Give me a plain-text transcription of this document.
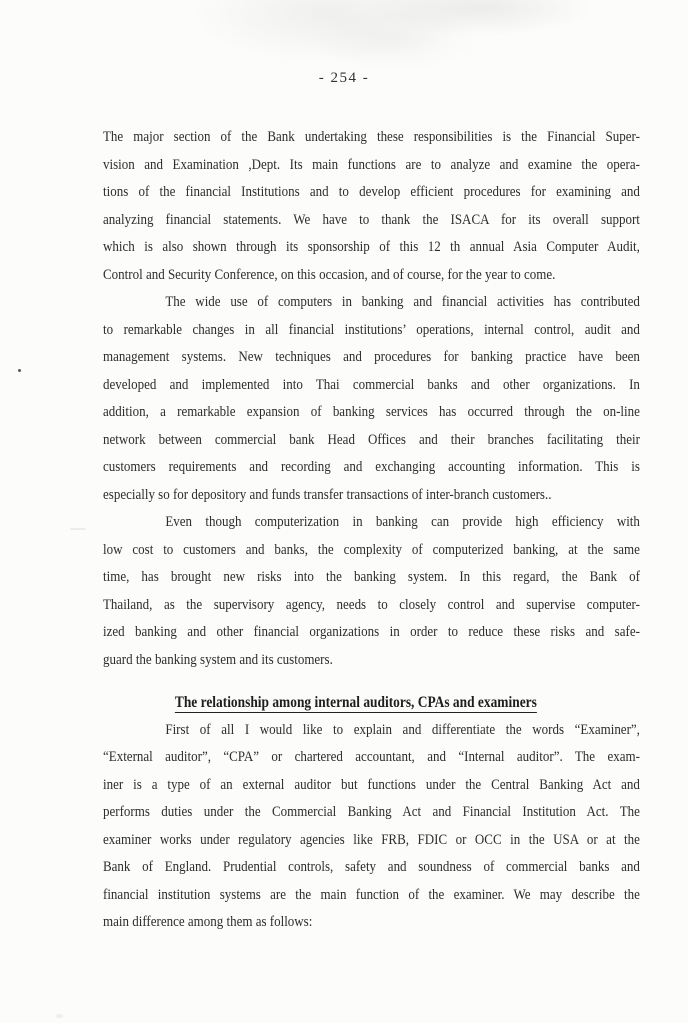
- 254 -
The major section of the Bank undertaking these responsibilities is the Financial Super-
vision and Examination ,Dept. Its main functions are to analyze and examine the opera-
tions of the financial Institutions and to develop efficient procedures for examining and
analyzing financial statements. We have to thank the ISACA for its overall support
which is also shown through its sponsorship of this 12 th annual Asia Computer Audit,
Control and Security Conference, on this occasion, and of course, for the year to come.
The wide use of computers in banking and financial activities has contributed
to remarkable changes in all financial institutions’ operations, internal control, audit and
management systems. New techniques and procedures for banking practice have been
developed and implemented into Thai commercial banks and other organizations. In
addition, a remarkable expansion of banking services has occurred through the on-line
network between commercial bank Head Offices and their branches facilitating their
customers requirements and recording and exchanging accounting information. This is
especially so for depository and funds transfer transactions of inter-branch customers..
Even though computerization in banking can provide high efficiency with
low cost to customers and banks, the complexity of computerized banking, at the same
time, has brought new risks into the banking system. In this regard, the Bank of
Thailand, as the supervisory agency, needs to closely control and supervise computer-
ized banking and other financial organizations in order to reduce these risks and safe-
guard the banking system and its customers.
The relationship among internal auditors, CPAs and examiners
First of all I would like to explain and differentiate the words “Examiner”,
“External auditor”, “CPA” or chartered accountant, and “Internal auditor”. The exam-
iner is a type of an external auditor but functions under the Central Banking Act and
performs duties under the Commercial Banking Act and Financial Institution Act. The
examiner works under regulatory agencies like FRB, FDIC or OCC in the USA or at the
Bank of England. Prudential controls, safety and soundness of commercial banks and
financial institution systems are the main function of the examiner. We may describe the
main difference among them as follows:
